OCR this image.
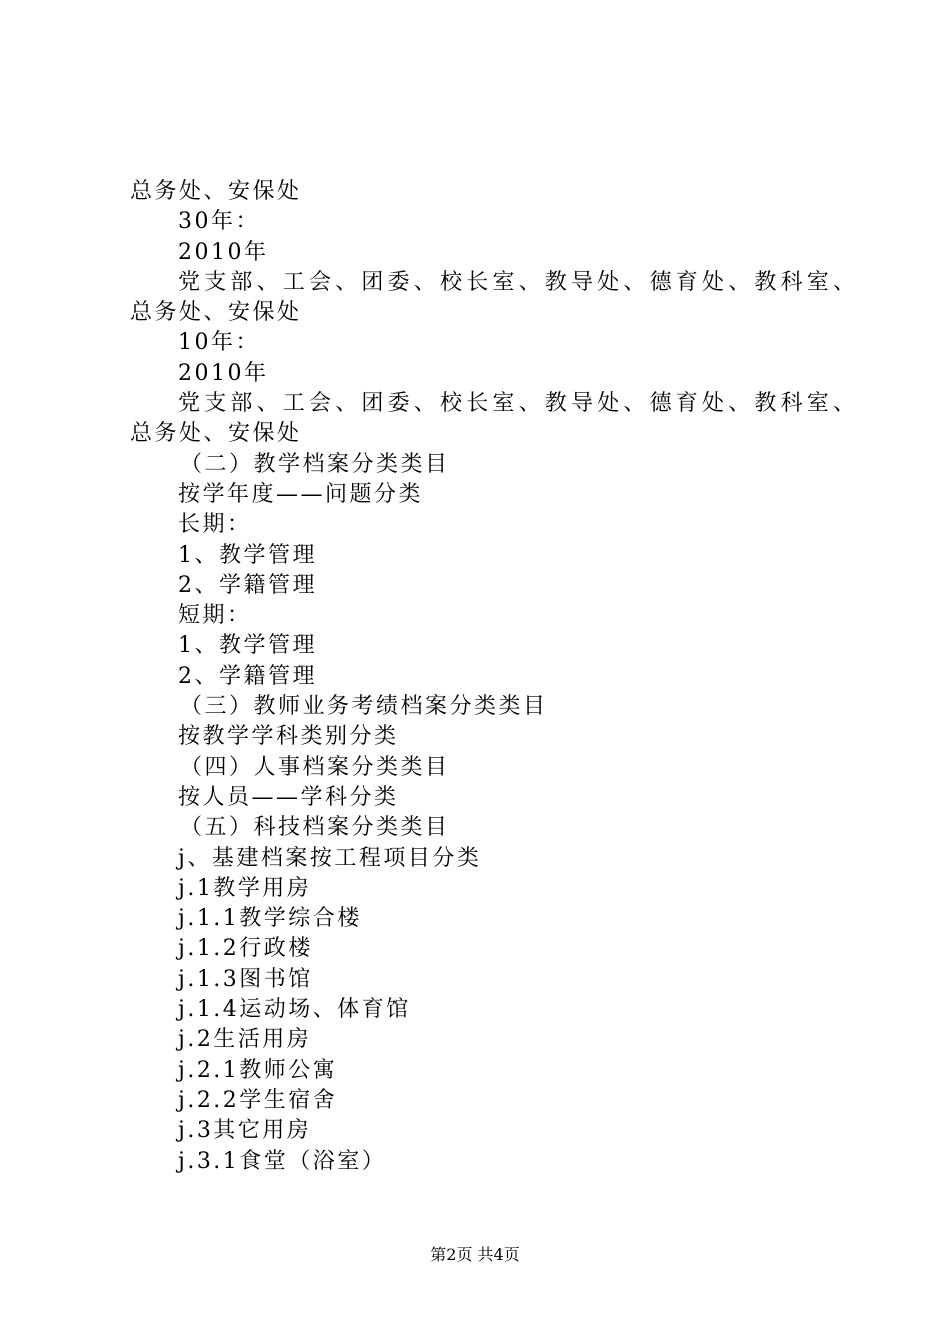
总务处、安保处
30年：
2010年
党支部、工会、团委、校长室、教导处、德育处、教科室、
总务处、安保处
10年：
2010年
党支部、工会、团委、校长室、教导处、德育处、教科室、
总务处、安保处
（二）教学档案分类类目
按学年度——问题分类
长期：
1、教学管理
2、学籍管理
短期：
1、教学管理
2、学籍管理
（三）教师业务考绩档案分类类目
按教学学科类别分类
（四）人事档案分类类目
按人员——学科分类
（五）科技档案分类类目
j、基建档案按工程项目分类
j.1教学用房
j.1.1教学综合楼
j.1.2行政楼
j.1.3图书馆
j.1.4运动场、体育馆
j.2生活用房
j.2.1教师公寓
j.2.2学生宿舍
j.3其它用房
j.3.1食堂（浴室）
第2页 共4页
